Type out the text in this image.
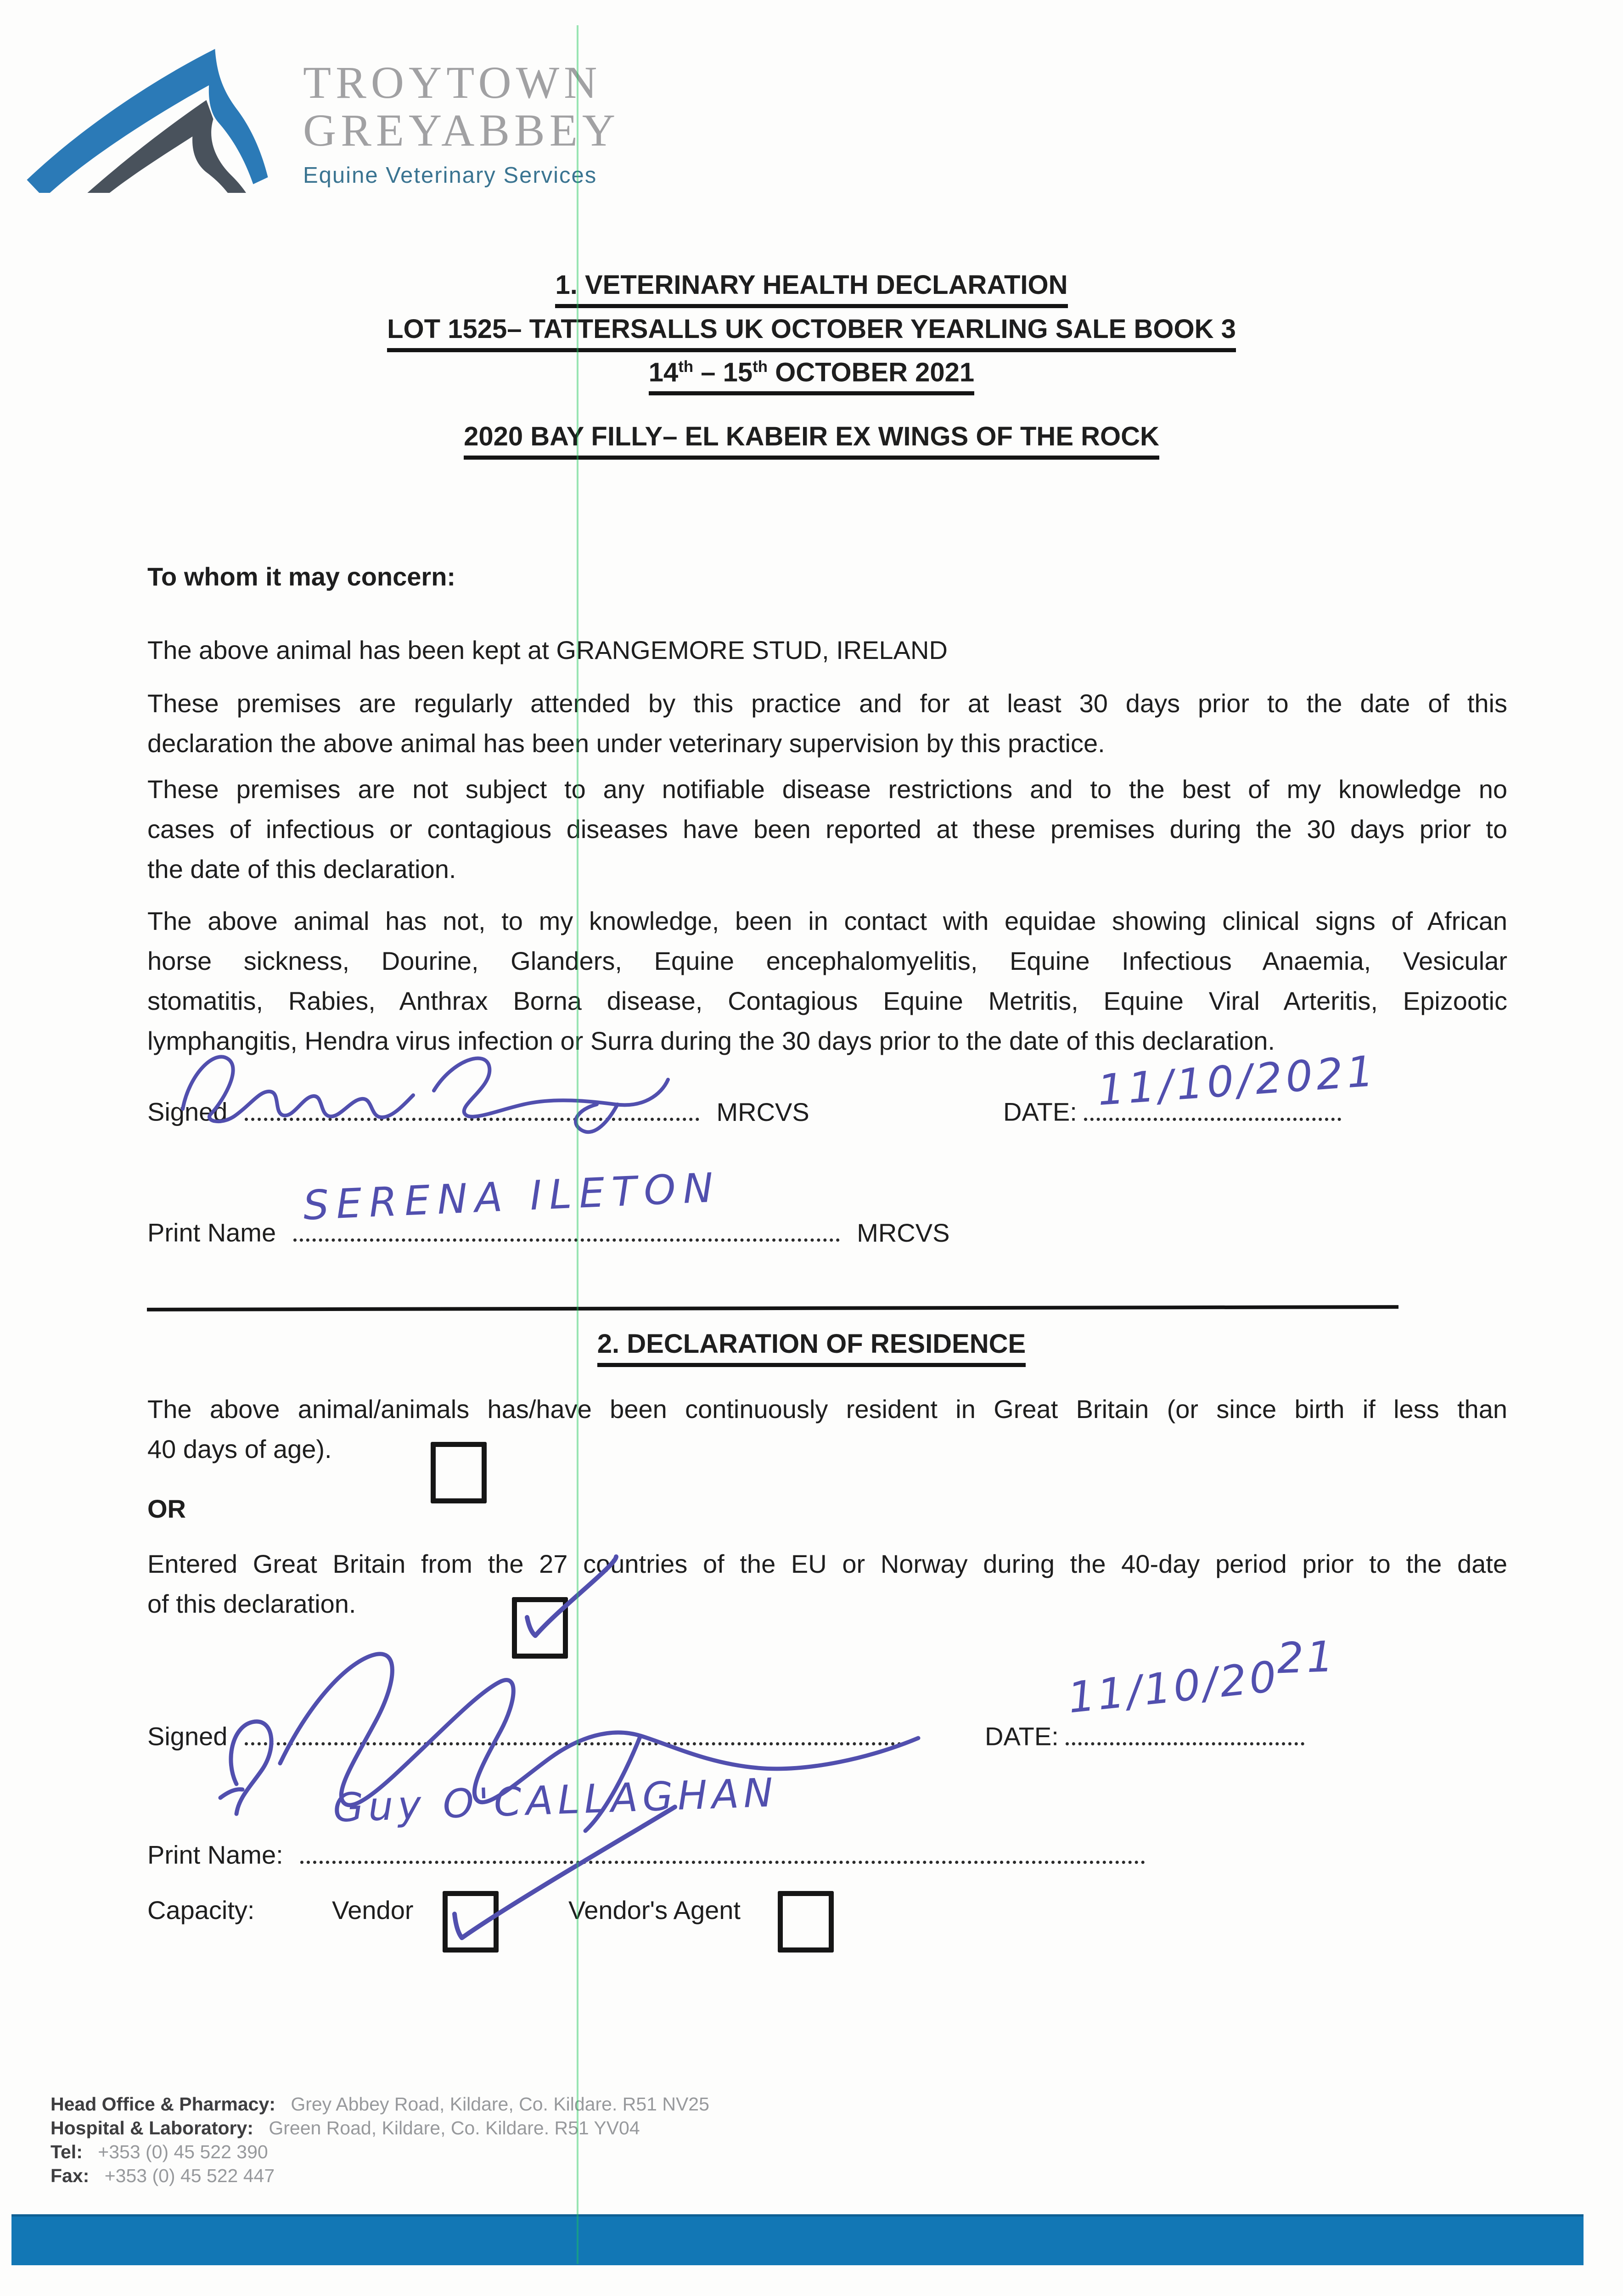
TROYTOWN
GREYABBEY
Equine Veterinary Services
1. VETERINARY HEALTH DECLARATION
LOT 1525– TATTERSALLS UK OCTOBER YEARLING SALE BOOK 3
14th – 15th OCTOBER 2021
2020 BAY FILLY– EL KABEIR EX WINGS OF THE ROCK
To whom it may concern:
The above animal has been kept at GRANGEMORE STUD, IRELAND
These premises are regularly attended by this practice and for at least 30 days prior to the date of this
declaration the above animal has been under veterinary supervision by this practice.
These premises are not subject to any notifiable disease restrictions and to the best of my knowledge no
cases of infectious or contagious diseases have been reported at these premises during the 30 days prior to
the date of this declaration.
The above animal has not, to my knowledge, been in contact with equidae showing clinical signs of African
horse sickness, Dourine, Glanders, Equine encephalomyelitis, Equine Infectious Anaemia, Vesicular
stomatitis, Rabies, Anthrax Borna disease, Contagious Equine Metritis, Equine Viral Arteritis, Epizootic
lymphangitis, Hendra virus infection or Surra during the 30 days prior to the date of this declaration.
Signed	MRCVS	DATE: 11/10/2021
Print Name	MRCVS
SERENA ILETON
2. DECLARATION OF RESIDENCE
The above animal/animals has/have been continuously resident in Great Britain (or since birth if less than
40 days of age).
OR
Entered Great Britain from the 27 countries of the EU or Norway during the 40-day period prior to the date
of this declaration.
Signed	DATE:
11/10/2021
Print Name:
Guy O'CALLAGHAN
Capacity:	Vendor	Vendor's Agent
Head Office & Pharmacy: Grey Abbey Road, Kildare, Co. Kildare. R51 NV25
Hospital & Laboratory: Green Road, Kildare, Co. Kildare. R51 YV04
Tel: +353 (0) 45 522 390
Fax: +353 (0) 45 522 447
